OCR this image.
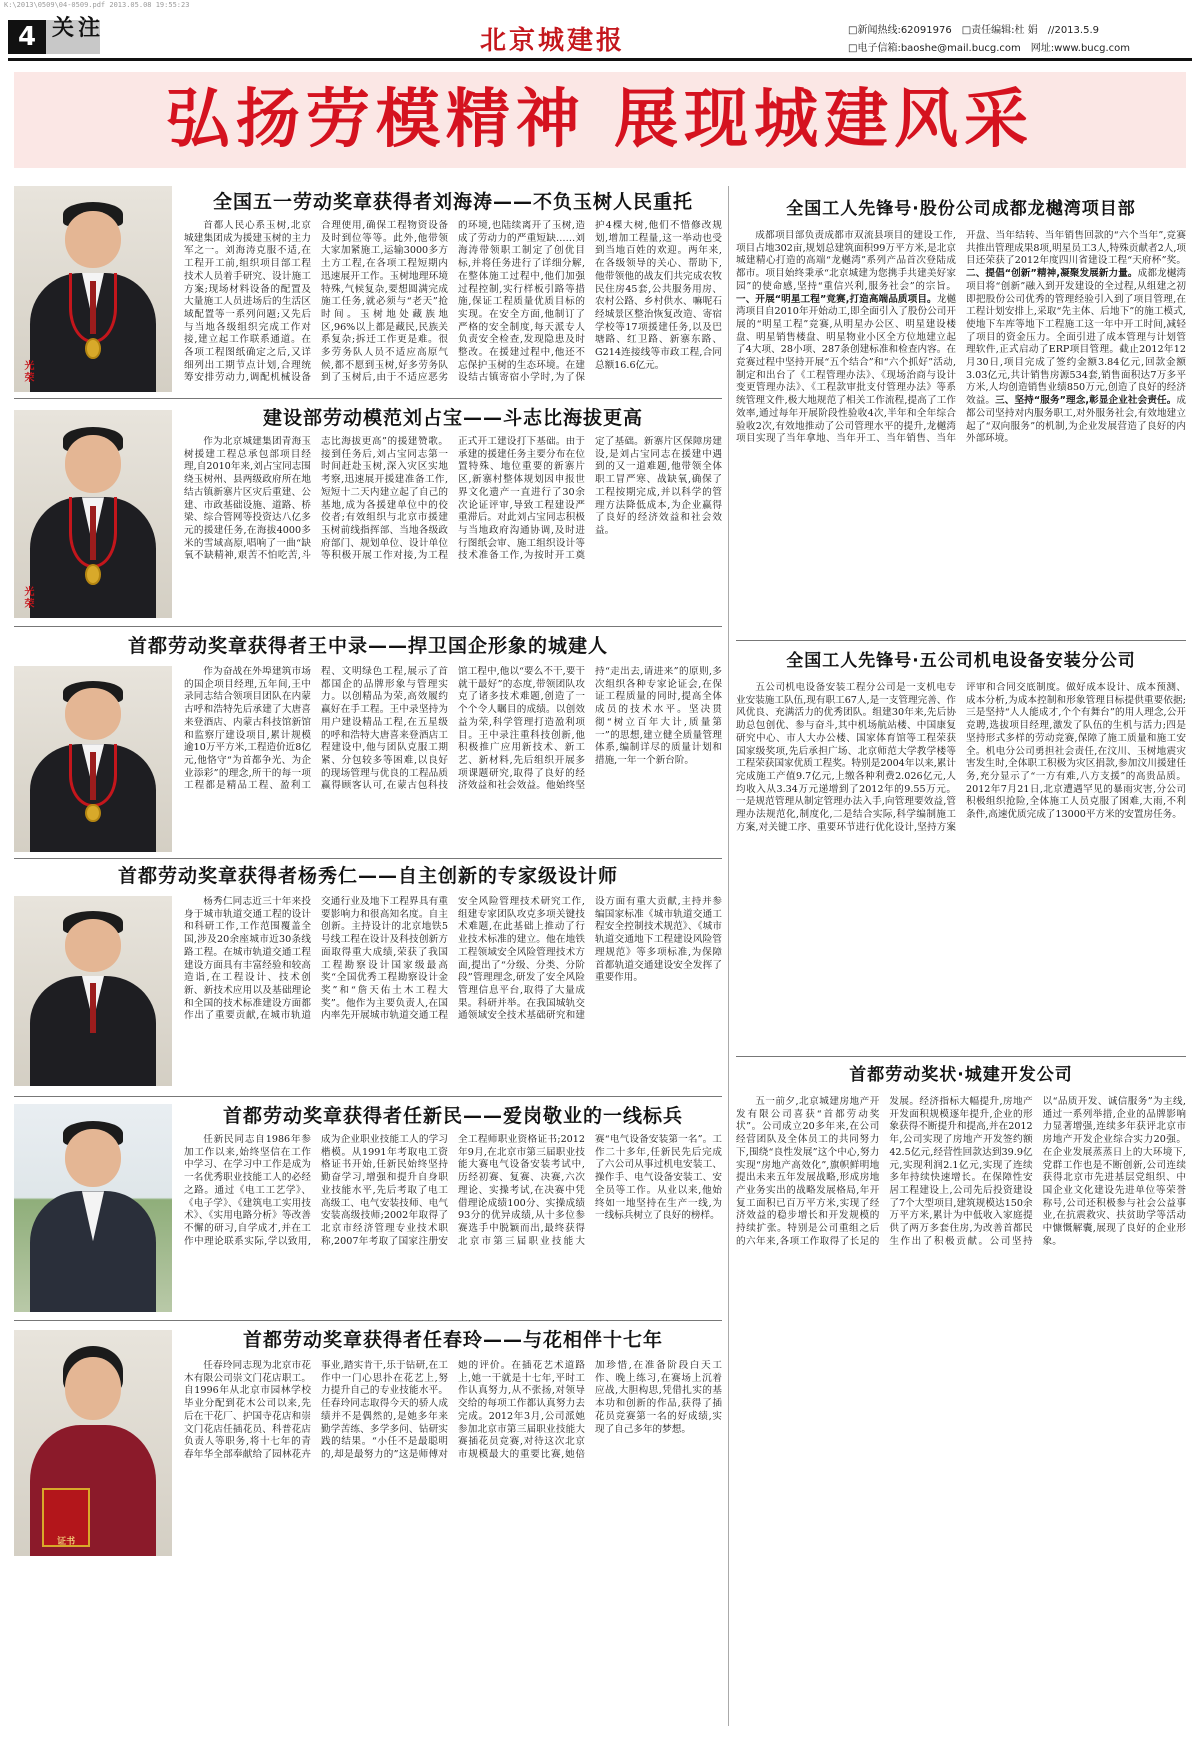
K:\2013\0509\04-0509.pdf 2013.05.08 19:55:23
4 关注	北京城建报	□新闻热线:62091976 □责任编辑:杜 娟 //2013.5.9
□电子信箱:baoshe@mail.bucg.com 网址:www.bucg.com
弘扬劳模精神 展现城建风采
光荣
全国五一劳动奖章获得者刘海涛——不负玉树人民重托

首都人民心系玉树,北京城建集团成为援建玉树的主力军之一。刘海涛克服不适,在工程开工前,组织项目部工程技术人员着手研究、设计施工方案;现场材料设备的配置及大量施工人员进场后的生活区域配置等一系列问题;又先后与当地各级组织完成工作对接,建立起工作联系通道。在各项工程图纸确定之后,又详细列出工期节点计划,合理统筹安排劳动力,调配机械设备合理使用,确保工程物资设备及时到位等等。此外,他带领大家加紧施工,运输3000多方土方工程,在各项工程短期内迅速展开工作。玉树地理环境特殊,气候复杂,要想圆满完成施工任务,就必须与“老天”抢时间。玉树地处藏族地区,96%以上都是藏民,民族关系复杂;拆迁工作更是难。很多劳务队人员不适应高原气候,都不愿到玉树,好多劳务队到了玉树后,由于不适应恶劣的环境,也陆续离开了玉树,造成了劳动力的严重短缺……刘海涛带领职工制定了创优目标,并将任务进行了详细分解,在整体施工过程中,他们加强过程控制,实行样板引路等措施,保证工程质量优质目标的实现。在安全方面,他制订了严格的安全制度,每天派专人负责安全检查,发现隐患及时整改。在援建过程中,他还不忘保护玉树的生态环境。在建设结古镇寄宿小学时,为了保护4棵大树,他们不惜修改规划,增加工程量,这一举动也受到当地百姓的欢迎。两年来,在各级领导的关心、帮助下,他带领他的战友们共完成农牧民住房45套,公共服务用房、农村公路、乡村供水、嘛呢石经城景区整治恢复改造、寄宿学校等17项援建任务,以及巴塘路、红卫路、新寨东路、G214连接线等市政工程,合同总额16.6亿元。

光荣
建设部劳动模范刘占宝——斗志比海拔更高

作为北京城建集团青海玉树援建工程总承包部项目经理,自2010年来,刘占宝同志围绕玉树州、县两级政府所在地结古镇新寨片区灾后重建、公建、市政基础设施、道路、桥梁、综合管网等投资达八亿多元的援建任务,在海拔4000多米的雪域高原,唱响了一曲“缺氧不缺精神,艰苦不怕吃苦,斗志比海拔更高”的援建赞歌。接到任务后,刘占宝同志第一时间赶赴玉树,深入灾区实地考察,迅速展开援建准备工作,短短十二天内建立起了自己的基地,成为各援建单位中的佼佼者;有效组织与北京市援建玉树前线指挥部、当地各级政府部门、规划单位、设计单位等积极开展工作对接,为工程正式开工建设打下基础。由于承建的援建任务主要分布在位置特殊、地位重要的新寨片区,新寨村整体规划因申报世界文化遗产一直进行了30余次论证评审,导致工程建设严重滞后。对此刘占宝同志积极与当地政府沟通协调,及时进行图纸会审、施工组织设计等技术准备工作,为按时开工奠定了基础。新寨片区保障房建设,是刘占宝同志在援建中遇到的又一道难题,他带领全体职工冒严寒、战缺氧,确保了工程按期完成,并以科学的管理方法降低成本,为企业赢得了良好的经济效益和社会效益。

首都劳动奖章获得者王中录——捍卫国企形象的城建人

作为奋战在外埠建筑市场的国企项目经理,五年间,王中录同志结合领项目团队在内蒙古呼和浩特先后承建了大唐喜来登酒店、内蒙古科技馆新馆和监察厅建设项目,累计规模逾10万平方米,工程造价近8亿元,他恪守“为首都争光、为企业添彩”的理念,所干的每一项工程都是精品工程、盈利工程、文明绿色工程,展示了首都国企的品牌形象与管理实力。以创精品为荣,高效履约赢好在手工程。王中录坚持为用户建设精品工程,在五星级的呼和浩特大唐喜来登酒店工程建设中,他与团队克服工期紧、分包较多等困难,以良好的现场管理与优良的工程品质赢得顾客认可,在蒙古包科技馆工程中,他以“要么不干,要干就干最好”的态度,带领团队攻克了诸多技术难题,创造了一个个令人瞩目的成绩。以创效益为荣,科学管理打造盈利项目。王中录注重科技创新,他积极推广应用新技术、新工艺、新材料,先后组织开展多项课题研究,取得了良好的经济效益和社会效益。他始终坚持“走出去,请进来”的原则,多次组织各种专家论证会,在保证工程质量的同时,提高全体成员的技术水平。坚决贯彻“树立百年大计,质量第一”的思想,建立健全质量管理体系,编制详尽的质量计划和措施,一年一个新台阶。

首都劳动奖章获得者杨秀仁——自主创新的专家级设计师

杨秀仁同志近三十年来投身于城市轨道交通工程的设计和科研工作,工作范围覆盖全国,涉及20余座城市近30条线路工程。在城市轨道交通工程建设方面具有丰富经验和较高造诣,在工程设计、技术创新、新技术应用以及基础理论和全国的技术标准建设方面都作出了重要贡献,在城市轨道交通行业及地下工程界具有重要影响力和很高知名度。自主创新。主持设计的北京地铁5号线工程在设计及科技创新方面取得重大成绩,荣获了我国工程勘察设计国家级最高奖“全国优秀工程勘察设计金奖”和“詹天佑土木工程大奖”。他作为主要负责人,在国内率先开展城市轨道交通工程安全风险管理技术研究工作,组建专家团队攻克多项关键技术难题,在此基础上推动了行业技术标准的建立。他在地铁工程领域安全风险管理技术方面,提出了“分级、分类、分阶段”管理理念,研发了安全风险管理信息平台,取得了大量成果。科研并举。在我国城轨交通领域安全技术基础研究和建设方面有重大贡献,主持并参编国家标准《城市轨道交通工程安全控制技术规范》、《城市轨道交通地下工程建设风险管理规范》等多项标准,为保障首都轨道交通建设安全发挥了重要作用。

首都劳动奖章获得者任新民——爱岗敬业的一线标兵

任新民同志自1986年参加工作以来,始终坚信在工作中学习、在学习中工作是成为一名优秀职业技能工人的必经之路。通过《电工工艺学》、《电子学》、《建筑电工实用技术》、《实用电路分析》等改善不懈的研习,自学成才,并在工作中理论联系实际,学以致用,成为企业职业技能工人的学习楷模。从1991年考取电工资格证书开始,任新民始终坚持勤奋学习,增强和提升自身职业技能水平,先后考取了电工高级工、电气安装技师、电气安装高级技师;2002年取得了北京市经济管理专业技术职称,2007年考取了国家注册安全工程师职业资格证书;2012年9月,在北京市第三届职业技能大赛电气设备安装考试中,历经初赛、复赛、决赛,六次理论、实操考试,在决赛中凭借理论成绩100分、实操成绩93分的优异成绩,从十多位参赛选手中脱颖而出,最终获得北京市第三届职业技能大赛“电气设备安装第一名”。工作二十多年,任新民先后完成了六公司从事过机电安装工、操作手、电气设备安装工、安全员等工作。从业以来,他始终如一地坚持在生产一线,为一线标兵树立了良好的榜样。

证书
首都劳动奖章获得者任春玲——与花相伴十七年

任春玲同志现为北京市花木有限公司崇文门花店职工。自1996年从北京市园林学校毕业分配到花木公司以来,先后在干花厂、护国寺花店和崇文门花店任插花员、科普花店负责人等职务,将十七年的青春年华全部奉献给了园林花卉事业,踏实肯干,乐于钻研,在工作中一门心思扑在花艺上,努力提升自己的专业技能水平。任春玲同志取得今天的骄人成绩并不是偶然的,是她多年来勤学苦练、多学多问、钻研实践的结果。“小任不是最聪明的,却是最努力的”这是师傅对她的评价。在插花艺术道路上,她一干就是十七年,平时工作认真努力,从不张扬,对领导交给的每项工作都认真努力去完成。2012年3月,公司派她参加北京市第三届职业技能大赛插花员竞赛,对待这次北京市规模最大的重要比赛,她倍加珍惜,在准备阶段白天工作、晚上练习,在赛场上沉着应战,大胆构思,凭借扎实的基本功和创新的作品,获得了插花员竞赛第一名的好成绩,实现了自己多年的梦想。

全国工人先锋号·股份公司成都龙樾湾项目部

成都项目部负责成都市双流县项目的建设工作,项目占地302亩,规划总建筑面积99万平方米,是北京城建精心打造的高端“龙樾湾”系列产品首次登陆成都市。项目始终秉承“北京城建为您携手共建美好家园”的使命感,坚持“重信兴利,服务社会”的宗旨。一、开展“明星工程”竞赛,打造高端品质项目。龙樾湾项目自2010年开始动工,即全面引入了股份公司开展的“明星工程”竞赛,从明星办公区、明星建设楼盘、明星销售楼盘、明星物业小区全方位地建立起了4大项、28小项、287条创建标准和检查内容。在竞赛过程中坚持开展“五个结合”和“六个抓好”活动,制定和出台了《工程管理办法》、《现场治商与设计变更管理办法》、《工程款审批支付管理办法》等系统管理文件,极大地规范了相关工作流程,提高了工作效率,通过每年开展阶段性验收4次,半年和全年综合验收2次,有效地推动了公司管理水平的提升,龙樾湾项目实现了当年拿地、当年开工、当年销售、当年开盘、当年结转、当年销售回款的“六个当年”,竞赛共推出管理成果8项,明星员工3人,特殊贡献者2人,项目还荣获了2012年度四川省建设工程“天府杯”奖。二、提倡“创新”精神,凝聚发展新力量。成都龙樾湾项目将“创新”融入到开发建设的全过程,从组建之初即把股份公司优秀的管理经验引入到了项目管理,在工程计划安排上,采取“先主体、后地下”的施工模式,使地下车库等地下工程施工这一年中开工时间,减轻了项目的资金压力。全面引进了成本管理与计划管理软件,正式启动了ERP项目管理。截止2012年12月30日,项目完成了签约金额3.84亿元,回款金额3.03亿元,共计销售房源534套,销售面积达7万多平方米,人均创造销售业绩850万元,创造了良好的经济效益。三、坚持“服务”理念,彰显企业社会责任。成都公司坚持对内服务职工,对外服务社会,有效地建立起了“双向服务”的机制,为企业发展营造了良好的内外部环境。

全国工人先锋号·五公司机电设备安装分公司

五公司机电设备安装工程分公司是一支机电专业安装施工队伍,现有职工67人,是一支管理完善、作风优良、充满活力的优秀团队。组建30年来,先后协助总包创优、参与奋斗,其中机场航站楼、中国康复研究中心、市人大办公楼、国家体育馆等工程荣获国家级奖项,先后承担广场、北京师范大学教学楼等工程荣获国家优质工程奖。特别是2004年以来,累计完成施工产值9.7亿元,上缴各种利费2.026亿元,人均收入从3.34万元递增到了2012年的9.55万元。一是规范管理从制定管理办法入手,向管理要效益,管理办法规范化,制度化,二是结合实际,科学编制施工方案,对关键工序、重要环节进行优化设计,坚持方案评审和合同交底制度。做好成本设计、成本预测、成本分析,为成本控制和形象管理目标提供重要依据;三是坚持“人人能成才,个个有舞台”的用人理念,公开竞聘,选拔项目经理,激发了队伍的生机与活力;四是坚持形式多样的劳动竞赛,保障了施工质量和施工安全。机电分公司勇担社会责任,在汶川、玉树地震灾害发生时,全体职工积极为灾区捐款,参加汶川援建任务,充分显示了“一方有难,八方支援”的高贵品质。2012年7月21日,北京遭遇罕见的暴雨灾害,分公司积极组织抢险,全体施工人员克服了困难,大雨,不利条件,高速优质完成了13000平方米的安置房任务。

首都劳动奖状·城建开发公司

五一前夕,北京城建房地产开发有限公司喜获“首都劳动奖状”。公司成立20多年来,在公司经营团队及全体员工的共同努力下,围绕“良性发展”这个中心,努力实现“房地产高效化”,旗帜鲜明地提出未来五年发展战略,形成房地产业务实出的战略发展格局,年开复工面积已百万平方米,实现了经济效益的稳步增长和开发规模的持续扩张。特别是公司重组之后的六年来,各项工作取得了长足的发展。经济指标大幅提升,房地产开发面积规模逐年提升,企业的形象获得不断提升和提高,并在2012年,公司实现了房地产开发签约额42.5亿元,经营性回款达到39.9亿元,实现利润2.1亿元,实现了连续多年持续快速增长。在保障性安居工程建设上,公司先后投资建设了7个大型项目,建筑规模达150余万平方米,累计为中低收入家庭提供了两万多套住房,为改善首都民生作出了积极贡献。公司坚持以“品质开发、诚信服务”为主线,通过一系列举措,企业的品牌影响力显著增强,连续多年获评北京市房地产开发企业综合实力20强。在企业发展蒸蒸日上的大环境下,党群工作也是不断创新,公司连续获得北京市先进基层党组织、中国企业文化建设先进单位等荣誉称号,公司还积极参与社会公益事业,在抗震救灾、扶贫助学等活动中慷慨解囊,展现了良好的企业形象。
